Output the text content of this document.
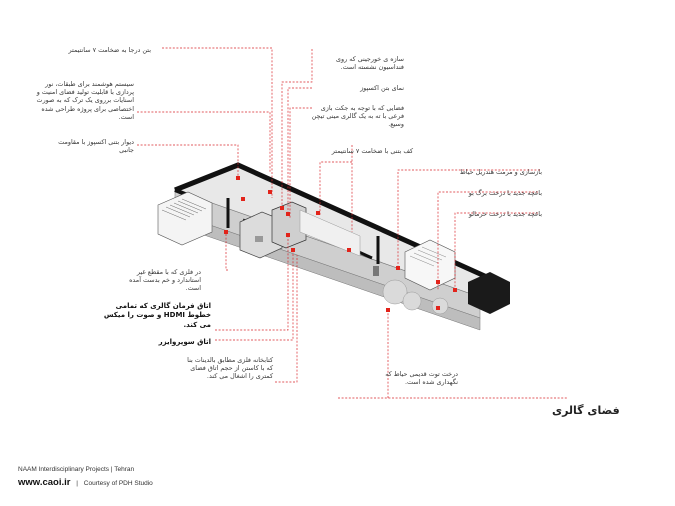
بتن درجا به ضخامت ۷ سانتیمتر
سیستم هوشمند برای طبقات، نور پردازی با قابلیت تولید فضای امنیت و اسنایات برروی یک ترک که به صورت اختصاصی برای پروژه طراحی شده است.
دیوار بتنی اکسپوز با مقاومت جانبی
در فلزی که با مقطع غیر استاندارد و خم بدست آمده است.
اتاق فرمان گالری که تمامی خطوط HDMI و صوت را میکس می کند.
اتاق سوپروایزر
کتابخانه فلزی مطابق بالدینات بنا که با کاستن از حجم اتاق فضای کمتری را اشغال می کند.
سازه ی خورجینی که روی فنداسیون نشسته است.
نمای بتن اکسپوز
فضایی که با توجه به جکت بازی فرعی با ته به یک گالری مینی تیچن وسیع.
کف بتنی با ضخامت ۷ سانتیمتر
بازسازی و مرمت هندریل حیاط
باغچه جدید با درخت برگ بو
باغچه جدید با درخت خرمالو
درخت توت قدیمی حیاط که نگهداری شده است.
فضای گالری
NAAM Interdisciplinary Projects | Tehran
www.caoi.ir | Courtesy of PDH Studio
